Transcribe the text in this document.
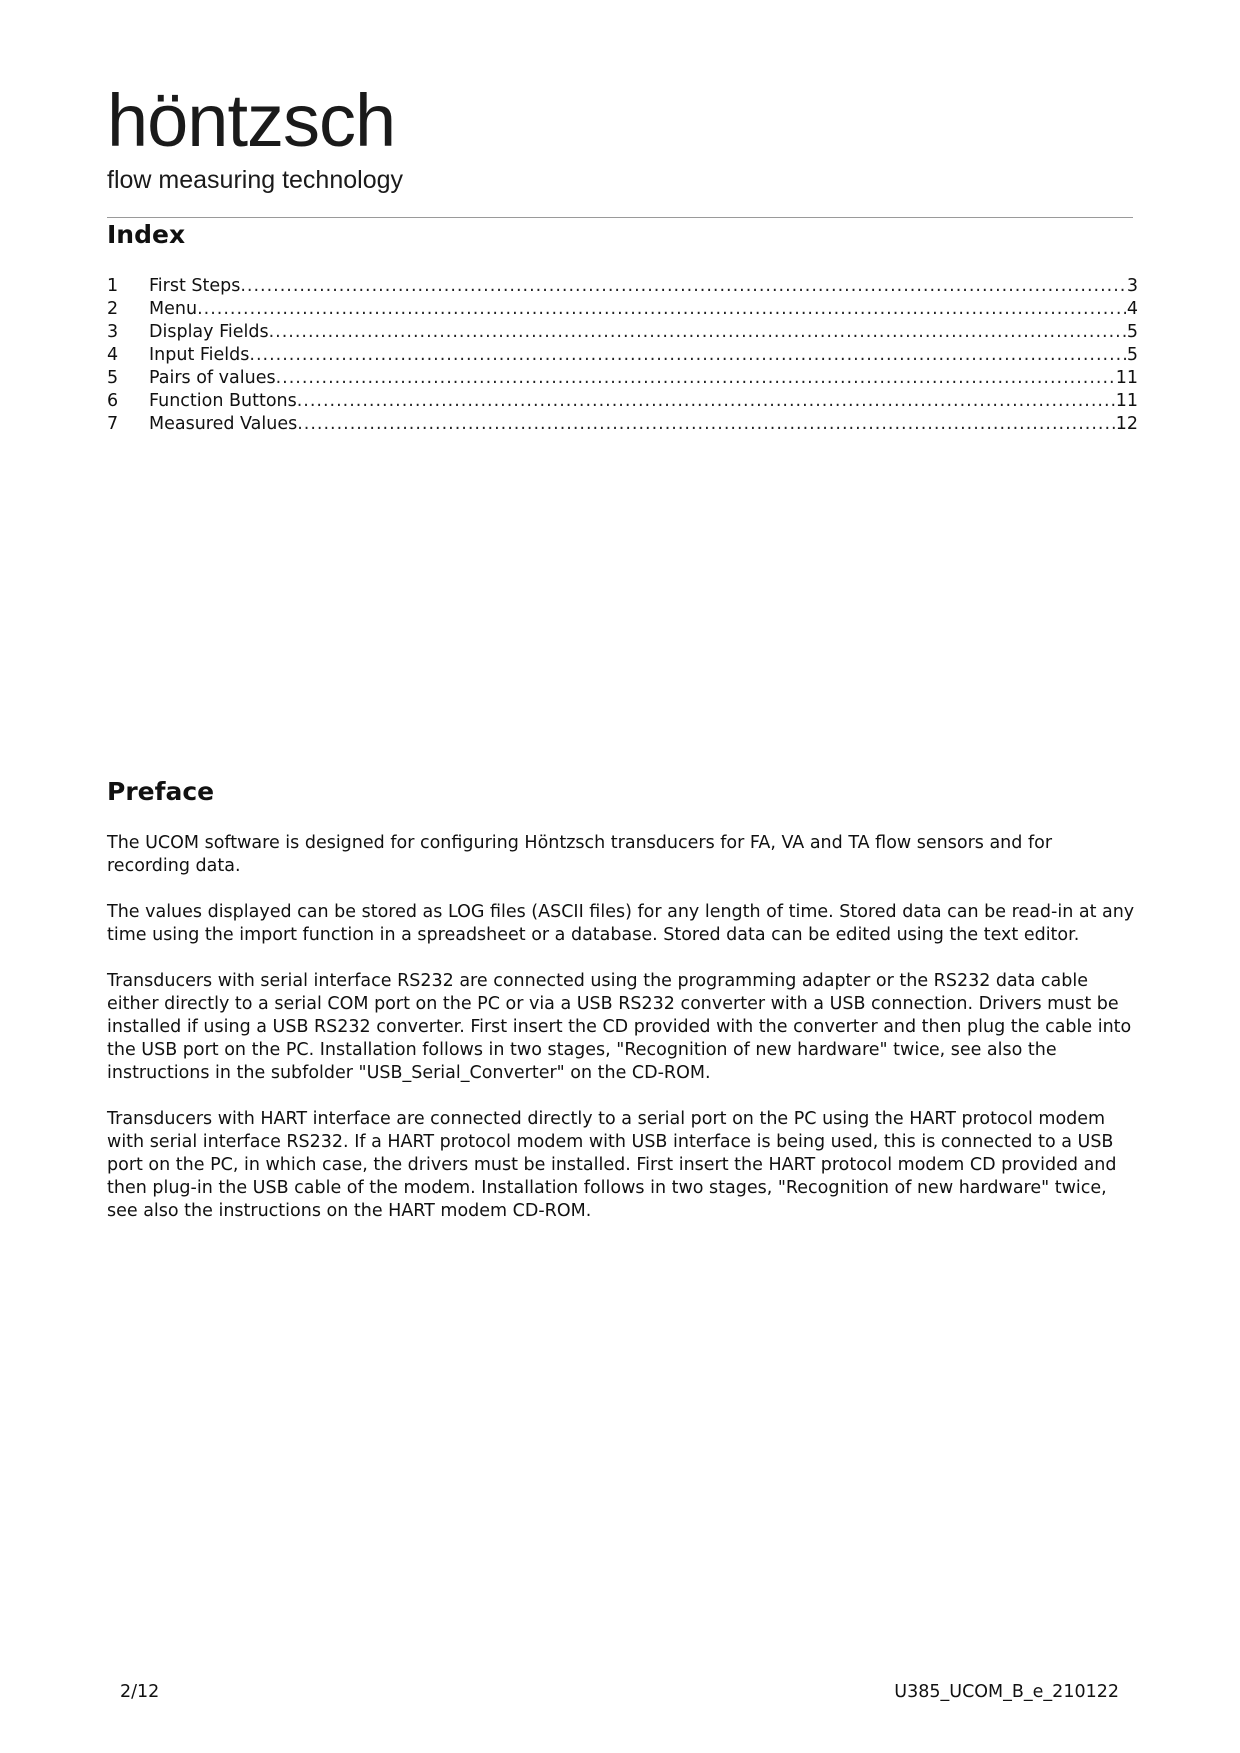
höntzsch
flow measuring technology
Index
1	First Steps .....	3
2	Menu .....	4
3	Display Fields .....	5
4	Input Fields .....	5
5	Pairs of values .....	11
6	Function Buttons .....	11
7	Measured Values .....	12
Preface

The UCOM software is designed for configuring Höntzsch transducers for FA, VA and TA flow sensors and for recording data.

The values displayed can be stored as LOG files (ASCII files) for any length of time. Stored data can be read-in at any time using the import function in a spreadsheet or a database. Stored data can be edited using the text editor.

Transducers with serial interface RS232 are connected using the programming adapter or the RS232 data cable either directly to a serial COM port on the PC or via a USB RS232 converter with a USB connection. Drivers must be installed if using a USB RS232 converter. First insert the CD provided with the converter and then plug the cable into the USB port on the PC. Installation follows in two stages, "Recognition of new hardware" twice, see also the instructions in the subfolder "USB_Serial_Converter" on the CD-ROM.

Transducers with HART interface are connected directly to a serial port on the PC using the HART protocol modem with serial interface RS232. If a HART protocol modem with USB interface is being used, this is connected to a USB port on the PC, in which case, the drivers must be installed. First insert the HART protocol modem CD provided and then plug-in the USB cable of the modem. Installation follows in two stages, "Recognition of new hardware" twice, see also the instructions on the HART modem CD-ROM.

2/12	U385_UCOM_B_e_210122
